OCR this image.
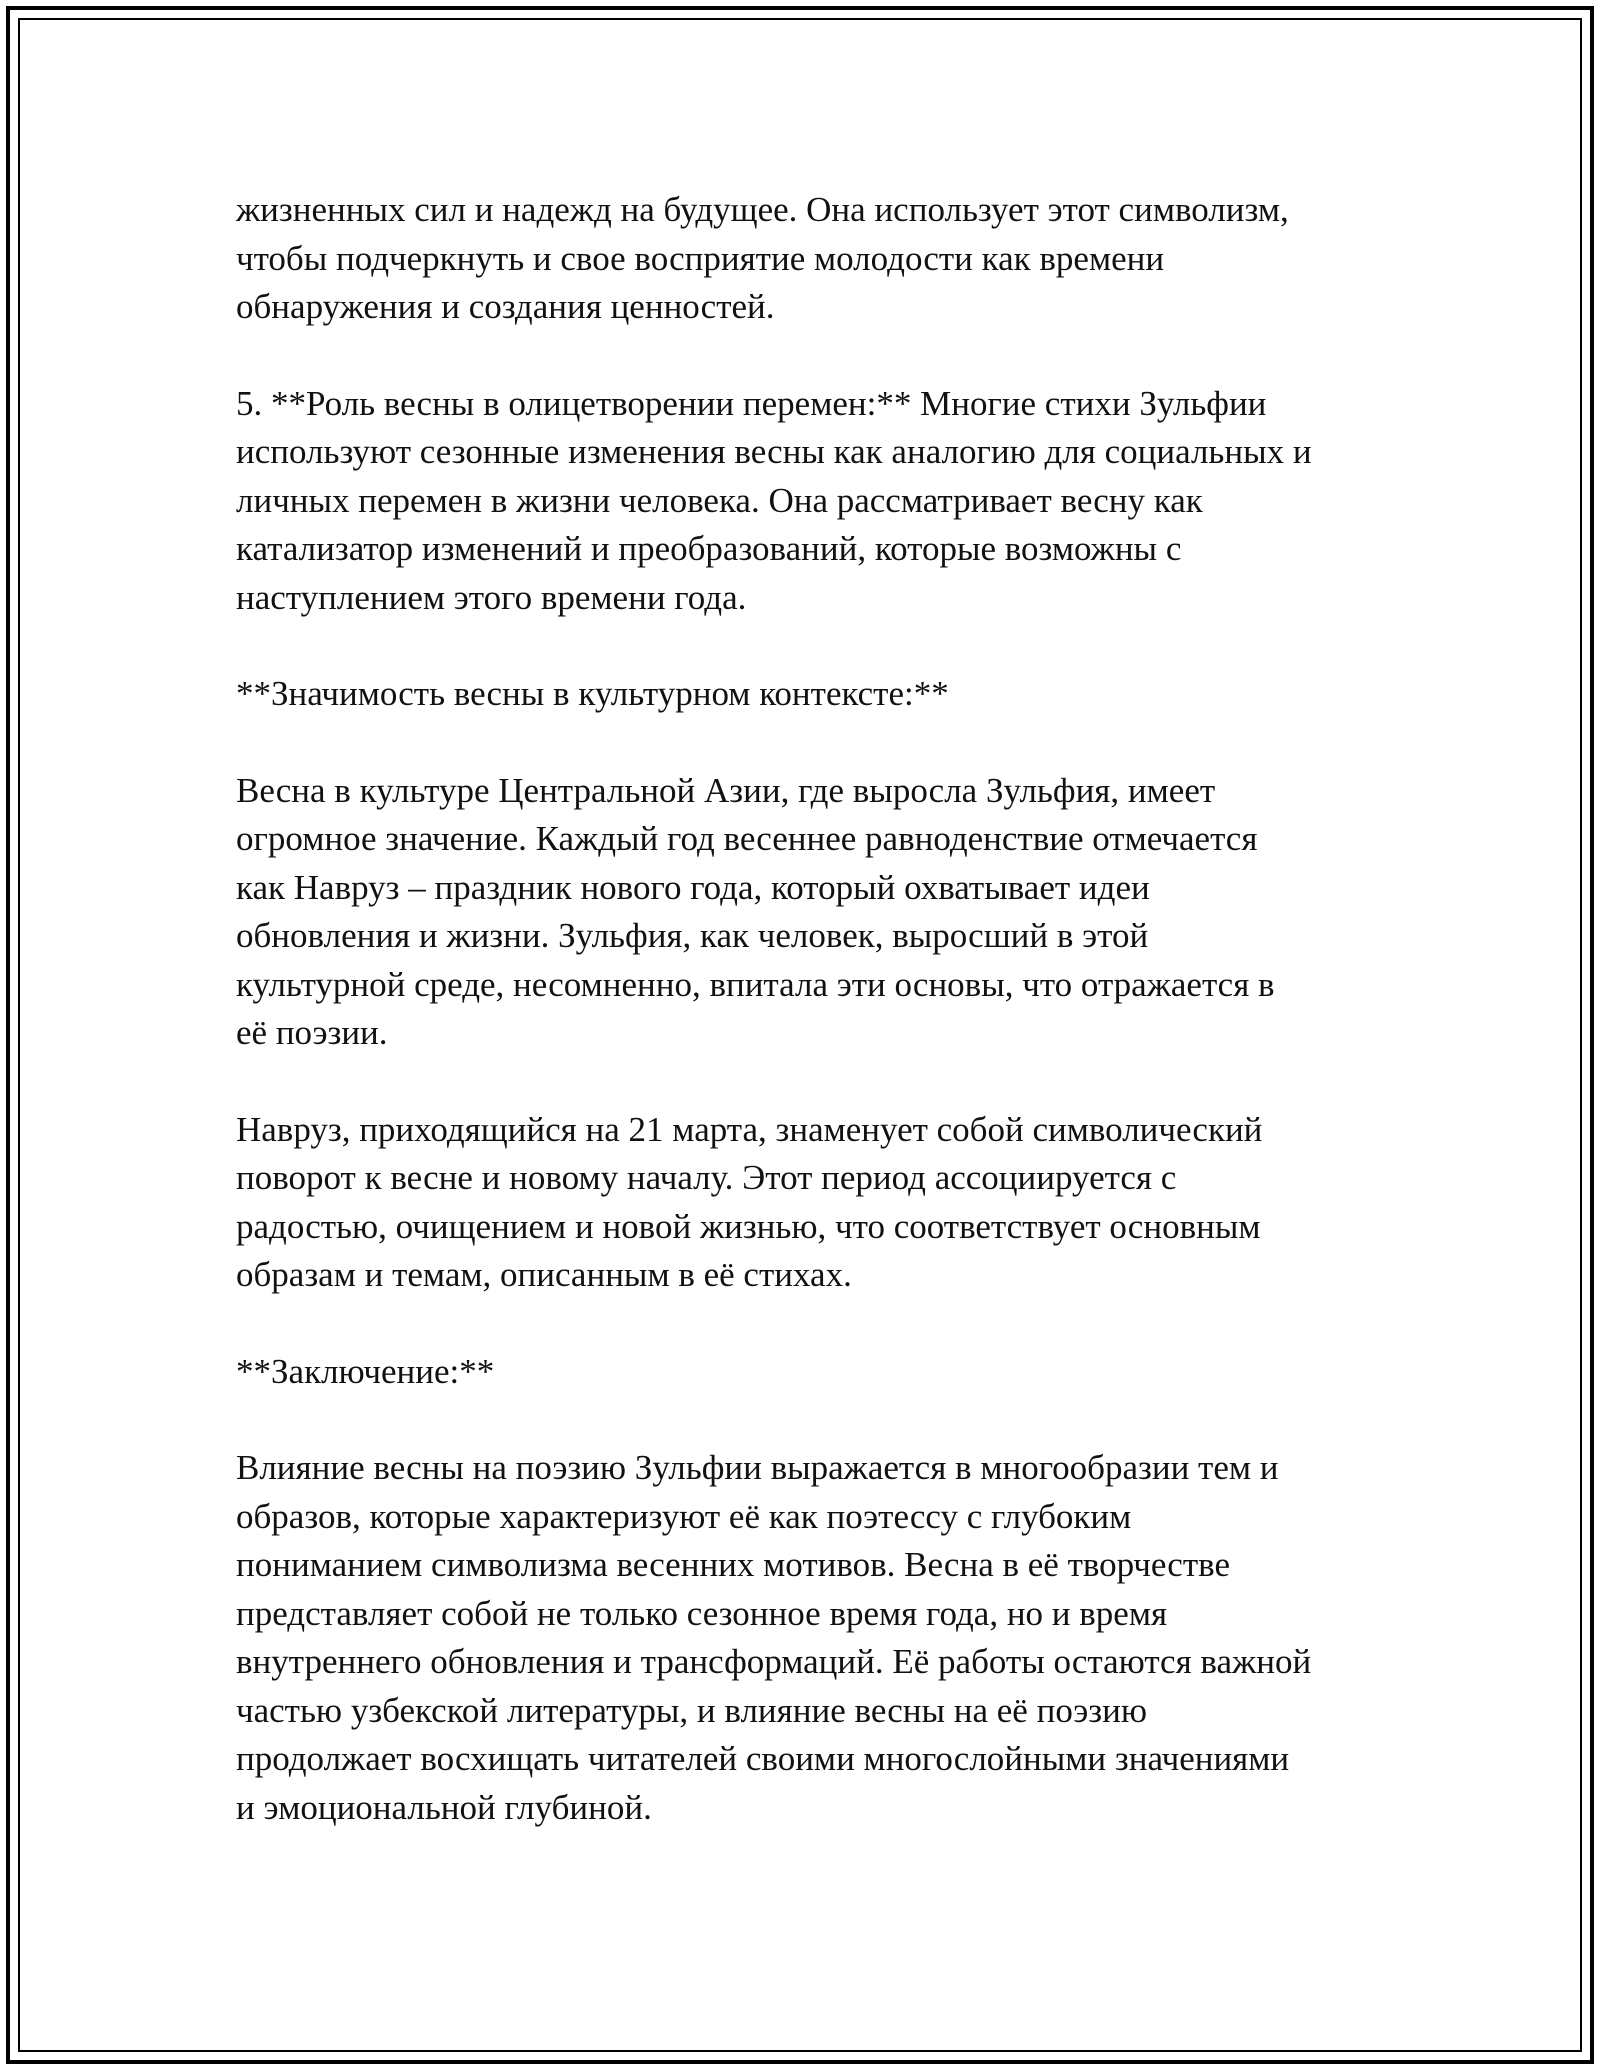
жизненных сил и надежд на будущее. Она использует этот символизм,
чтобы подчеркнуть и свое восприятие молодости как времени
обнаружения и создания ценностей.

5. **Роль весны в олицетворении перемен:** Многие стихи Зульфии
используют сезонные изменения весны как аналогию для социальных и
личных перемен в жизни человека. Она рассматривает весну как
катализатор изменений и преобразований, которые возможны с
наступлением этого времени года.

**Значимость весны в культурном контексте:**

Весна в культуре Центральной Азии, где выросла Зульфия, имеет
огромное значение. Каждый год весеннее равноденствие отмечается
как Навруз – праздник нового года, который охватывает идеи
обновления и жизни. Зульфия, как человек, выросший в этой
культурной среде, несомненно, впитала эти основы, что отражается в
eё поэзии.

Навруз, приходящийся на 21 марта, знаменует собой символический
поворот к весне и новому началу. Этот период ассоциируется с
радостью, очищением и новой жизнью, что соответствует основным
образам и темам, описанным в её стихах.

**Заключение:**

Влияние весны на поэзию Зульфии выражается в многообразии тем и
образов, которые характеризуют её как поэтессу с глубоким
пониманием символизма весенних мотивов. Весна в её творчестве
представляет собой не только сезонное время года, но и время
внутреннего обновления и трансформаций. Её работы остаются важной
частью узбекской литературы, и влияние весны на её поэзию
продолжает восхищать читателей своими многослойными значениями
и эмоциональной глубиной.
